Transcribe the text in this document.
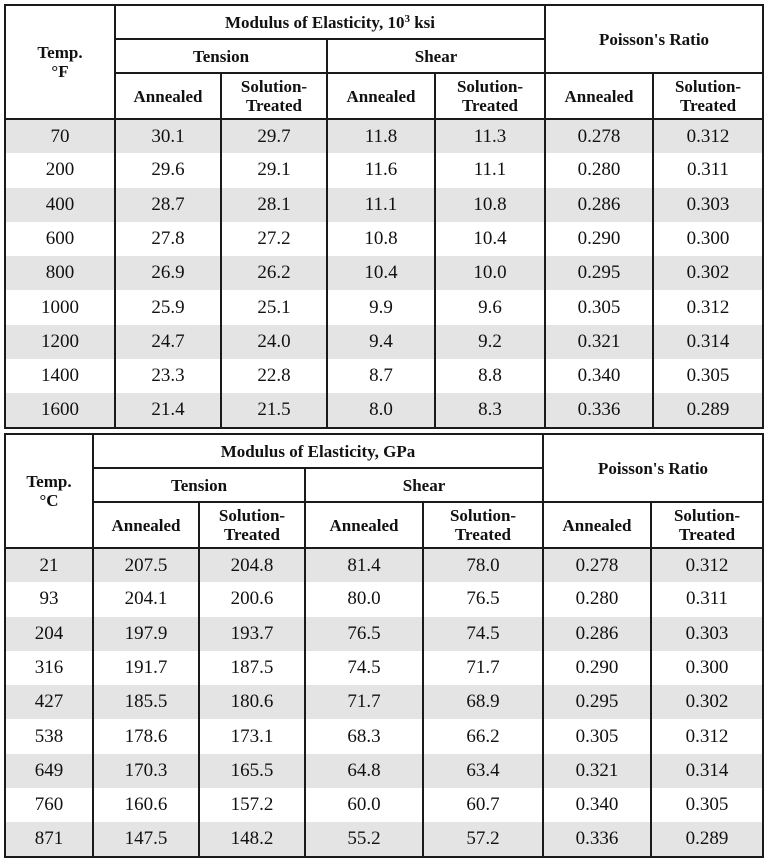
Temp.
°F	Modulus of Elasticity, $10^3$ ksi				Poisson's Ratio	
	Tension		Shear			
	Annealed	Solution-Treated	Annealed	Solution-Treated	Annealed	Solution-Treated
70	30.1	29.7	11.8	11.3	0.278	0.312
200	29.6	29.1	11.6	11.1	0.280	0.311
400	28.7	28.1	11.1	10.8	0.286	0.303
600	27.8	27.2	10.8	10.4	0.290	0.300
800	26.9	26.2	10.4	10.0	0.295	0.302
1000	25.9	25.1	9.9	9.6	0.305	0.312
1200	24.7	24.0	9.4	9.2	0.321	0.314
1400	23.3	22.8	8.7	8.8	0.340	0.305
1600	21.4	21.5	8.0	8.3	0.336	0.289
Temp.
°C	Modulus of Elasticity, GPa				Poisson's Ratio	
	Tension		Shear			
	Annealed	Solution-Treated	Annealed	Solution-Treated	Annealed	Solution-Treated
21	207.5	204.8	81.4	78.0	0.278	0.312
93	204.1	200.6	80.0	76.5	0.280	0.311
204	197.9	193.7	76.5	74.5	0.286	0.303
316	191.7	187.5	74.5	71.7	0.290	0.300
427	185.5	180.6	71.7	68.9	0.295	0.302
538	178.6	173.1	68.3	66.2	0.305	0.312
649	170.3	165.5	64.8	63.4	0.321	0.314
760	160.6	157.2	60.0	60.7	0.340	0.305
871	147.5	148.2	55.2	57.2	0.336	0.289
